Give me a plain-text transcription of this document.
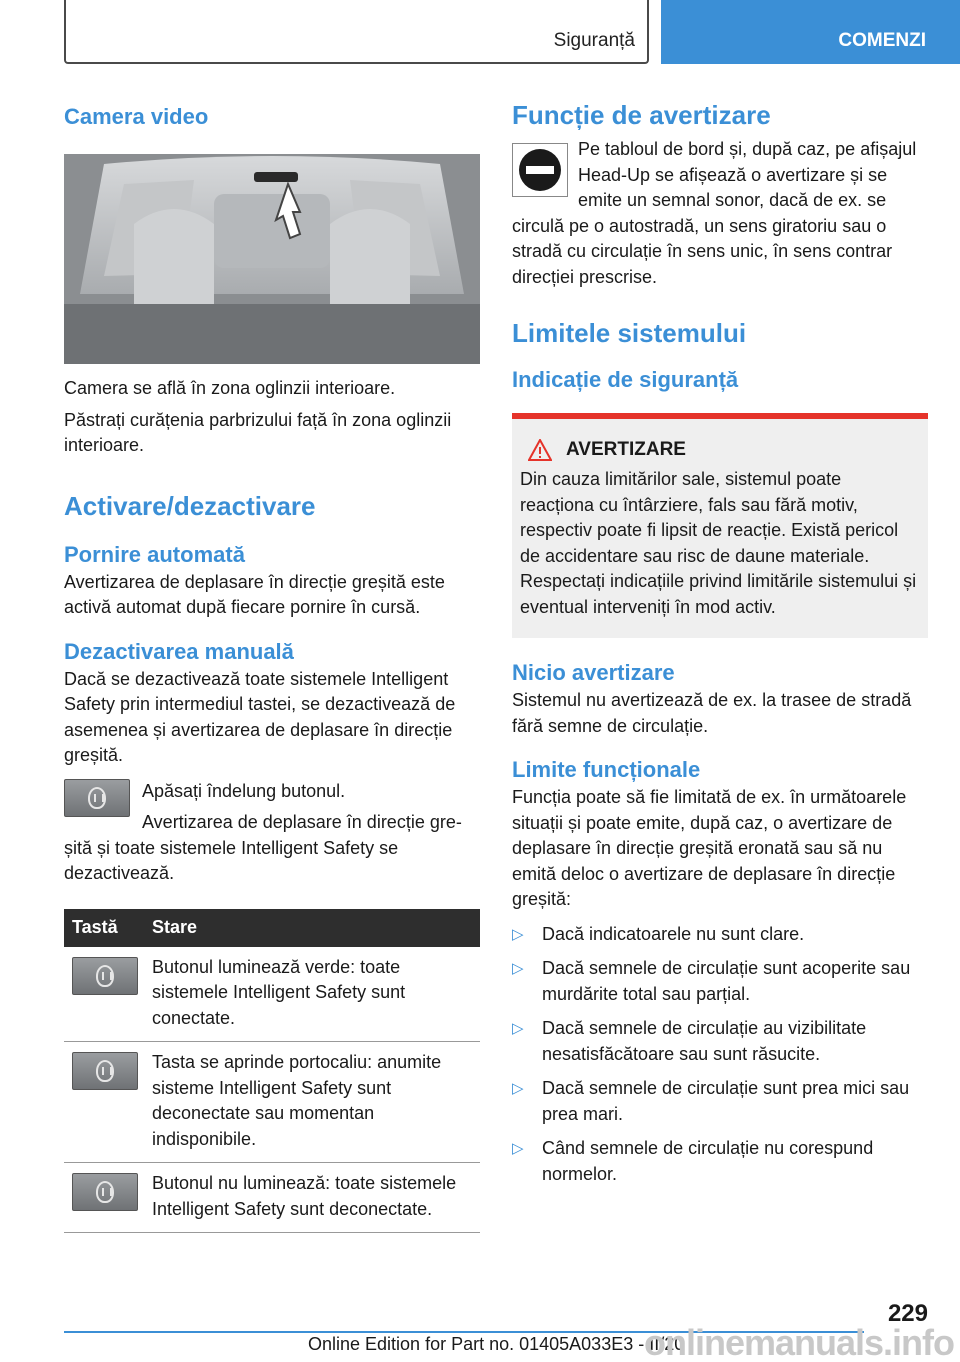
Siguranță	COMENZI
Camera video

Camera se află în zona oglinzii interioare.

Păstrați curățenia parbrizului față în zona oglinzii interioare.

Activare/dezactivare
Pornire automată

Avertizarea de deplasare în direcție greșită este activă automat după fiecare pornire în cursă.

Dezactivarea manuală

Dacă se dezactivează toate sistemele Intelligent Safety prin intermediul tastei, se dezactivează de asemenea și avertizarea de deplasare în direcție greșită.

Apăsați îndelung butonul.

Avertizarea de deplasare în direcție gre-

șită și toate sistemele Intelligent Safety se dezactivează.

Tastă	Stare

	Butonul luminează verde: toate sistemele Intelligent Safety sunt conectate.

	Tasta se aprinde portocaliu: anumite sisteme Intelligent Safety sunt deconectate sau momentan indisponibile.

	Butonul nu luminează: toate sistemele Intelligent Safety sunt deconectate.
Funcție de avertizare

Pe tabloul de bord și, după caz, pe afișajul Head-Up se afișează o avertizare și se emite un semnal sonor, dacă de ex. se circulă pe o autostradă, un sens giratoriu sau o stradă cu circulație în sens unic, în sens contrar direcției prescrise.

Limitele sistemului
Indicație de siguranță
AVERTIZARE

Din cauza limitărilor sale, sistemul poate reacționa cu întârziere, fals sau fără motiv, respectiv poate fi lipsit de reacție. Există pericol de accidentare sau risc de daune materiale. Respectați indicațiile privind limitările sistemului și eventual interveniți în mod activ.

Nicio avertizare

Sistemul nu avertizează de ex. la trasee de stradă fără semne de circulație.

Limite funcționale

Funcția poate să fie limitată de ex. în următoarele situații și poate emite, după caz, o avertizare de deplasare în direcție greșită eronată sau să nu emită deloc o avertizare de deplasare în direcție greșită:

▷ Dacă indicatoarele nu sunt clare.
▷ Dacă semnele de circulație sunt acoperite sau murdărite total sau parțial.
▷ Dacă semnele de circulație au vizibilitate nesatisfăcătoare sau sunt răsucite.
▷ Dacă semnele de circulație sunt prea mici sau prea mari.
▷ Când semnele de circulație nu corespund normelor.
229
Online Edition for Part no. 01405A033E3 - II/20
onlinemanuals.info
